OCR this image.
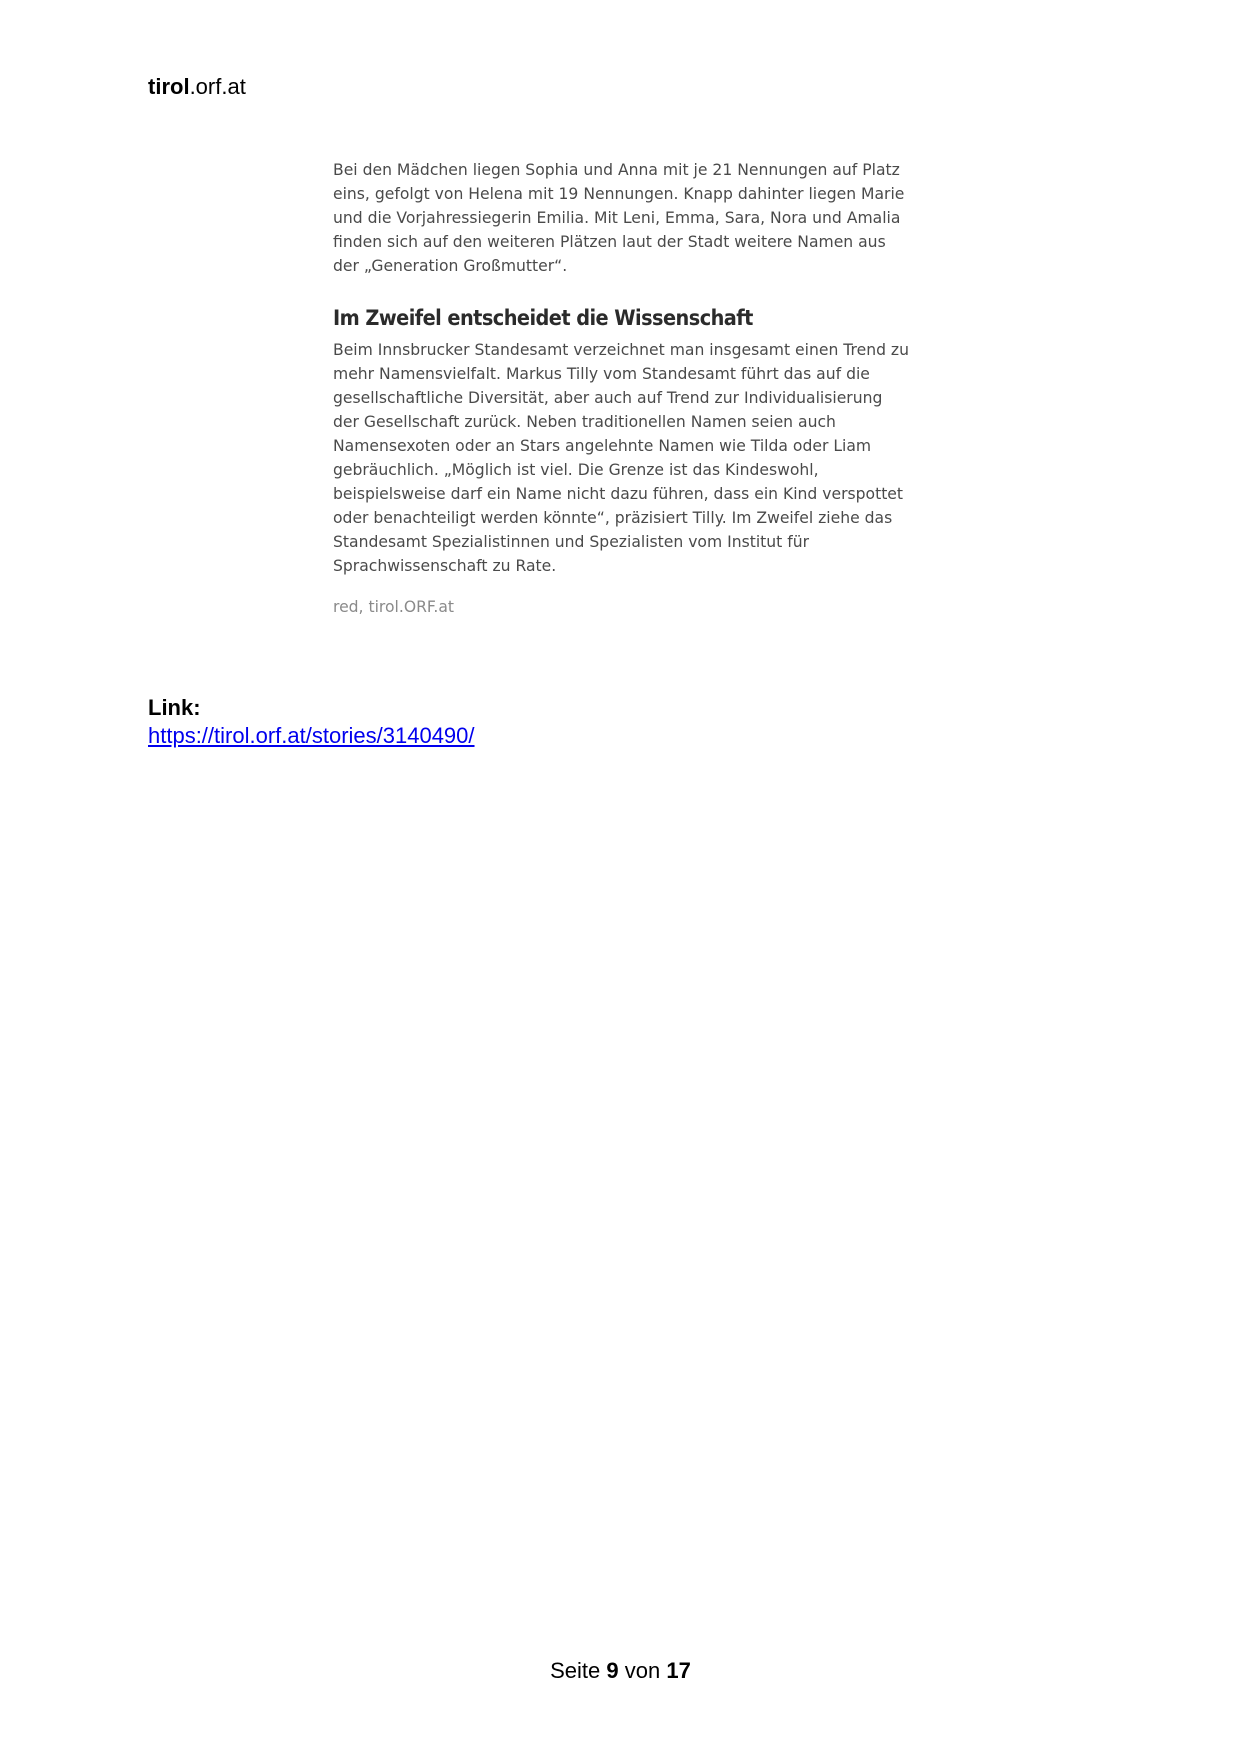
tirol.orf.at

Bei den Mädchen liegen Sophia und Anna mit je 21 Nennungen auf Platz eins, gefolgt von Helena mit 19 Nennungen. Knapp dahinter liegen Marie und die Vorjahressiegerin Emilia. Mit Leni, Emma, Sara, Nora und Amalia finden sich auf den weiteren Plätzen laut der Stadt weitere Namen aus der „Generation Großmutter“.

Im Zweifel entscheidet die Wissenschaft

Beim Innsbrucker Standesamt verzeichnet man insgesamt einen Trend zu mehr Namensvielfalt. Markus Tilly vom Standesamt führt das auf die gesellschaftliche Diversität, aber auch auf Trend zur Individualisierung der Gesellschaft zurück. Neben traditionellen Namen seien auch Namensexoten oder an Stars angelehnte Namen wie Tilda oder Liam gebräuchlich. „Möglich ist viel. Die Grenze ist das Kindeswohl, beispielsweise darf ein Name nicht dazu führen, dass ein Kind verspottet oder benachteiligt werden könnte“, präzisiert Tilly. Im Zweifel ziehe das Standesamt Spezialistinnen und Spezialisten vom Institut für Sprachwissenschaft zu Rate.

red, tirol.ORF.at
Link:
https://tirol.orf.at/stories/3140490/
Seite 9 von 17
